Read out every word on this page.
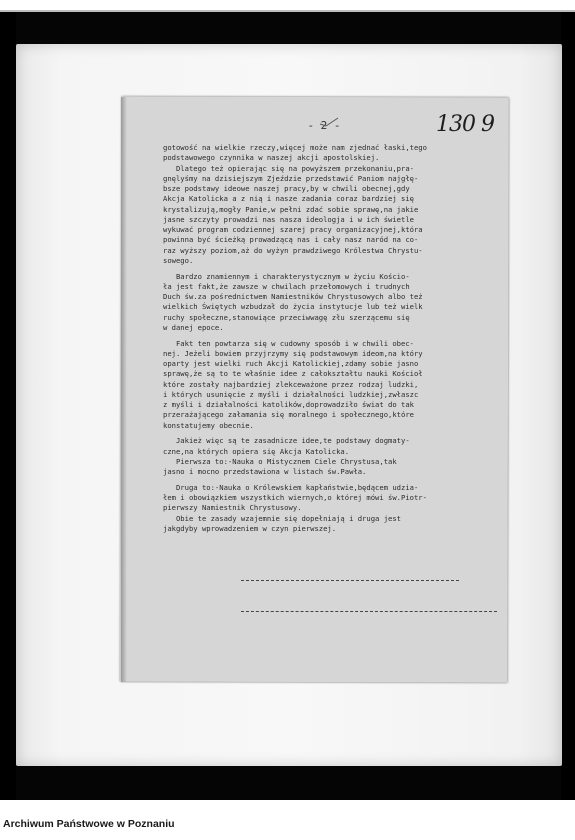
- 2 -	130 9
gotowość na wielkie rzeczy,więcej może nam zjednać łaski,tego
podstawowego czynnika w naszej akcji apostolskiej.
Dlatego też opierając się na powyższem przekonaniu,pra-
gnęlyśmy na dzisiejszym Zjeździe przedstawić Paniom najgłę-
bsze podstawy ideowe naszej pracy,by w chwili obecnej,gdy
Akcja Katolicka a z nią i nasze zadania coraz bardziej się
krystalizują,mogły Panie,w pełni zdać sobie sprawę,na jakie
jasne szczyty prowadzi nas nasza ideologja i w ich świetle
wykuwać program codziennej szarej pracy organizacyjnej,która
powinna być ścieżką prowadzącą nas i cały nasz naród na co-
raz wyższy poziom,aż do wyżyn prawdziwego Królestwa Chrystu-
sowego.
Bardzo znamiennym i charakterystycznym w życiu Kościo-
ła jest fakt,że zawsze w chwilach przełomowych i trudnych
Duch św.za pośrednictwem Namiestników Chrystusowych albo też
wielkich Świętych wzbudzał do życia instytucje lub też wielk
ruchy społeczne,stanowiące przeciwwagę złu szerzącemu się
w danej epoce.
Fakt ten powtarza się w cudowny sposób i w chwili obec-
nej. Jeżeli bowiem przyjrzymy się podstawowym ideom,na który
oparty jest wielki ruch Akcji Katolickiej,zdamy sobie jasno
sprawę,że są to te właśnie idee z całokształtu nauki Kościoł
które zostały najbardziej zlekceważone przez rodzaj ludzki,
i których usunięcie z myśli i działalności ludzkiej,zwłaszc
z myśli i działalności katolików,doprowadziło świat do tak
przerażającego załamania się moralnego i społecznego,które
konstatujemy obecnie.
Jakież więc są te zasadnicze idee,te podstawy dogmaty-
czne,na których opiera się Akcja Katolicka.
Pierwsza to:-Nauka o Mistycznem Ciele Chrystusa,tak
jasno i mocno przedstawiona w listach św.Pawła.
Druga to:-Nauka o Królewskiem kapłaństwie,będącem udzia-
łem i obowiązkiem wszystkich wiernych,o której mówi św.Piotr-
pierwszy Namiestnik Chrystusowy.
Obie te zasady wzajemnie się dopełniają i druga jest
jakgdyby wprowadzeniem w czyn pierwszej.
Archiwum Państwowe w Poznaniu
